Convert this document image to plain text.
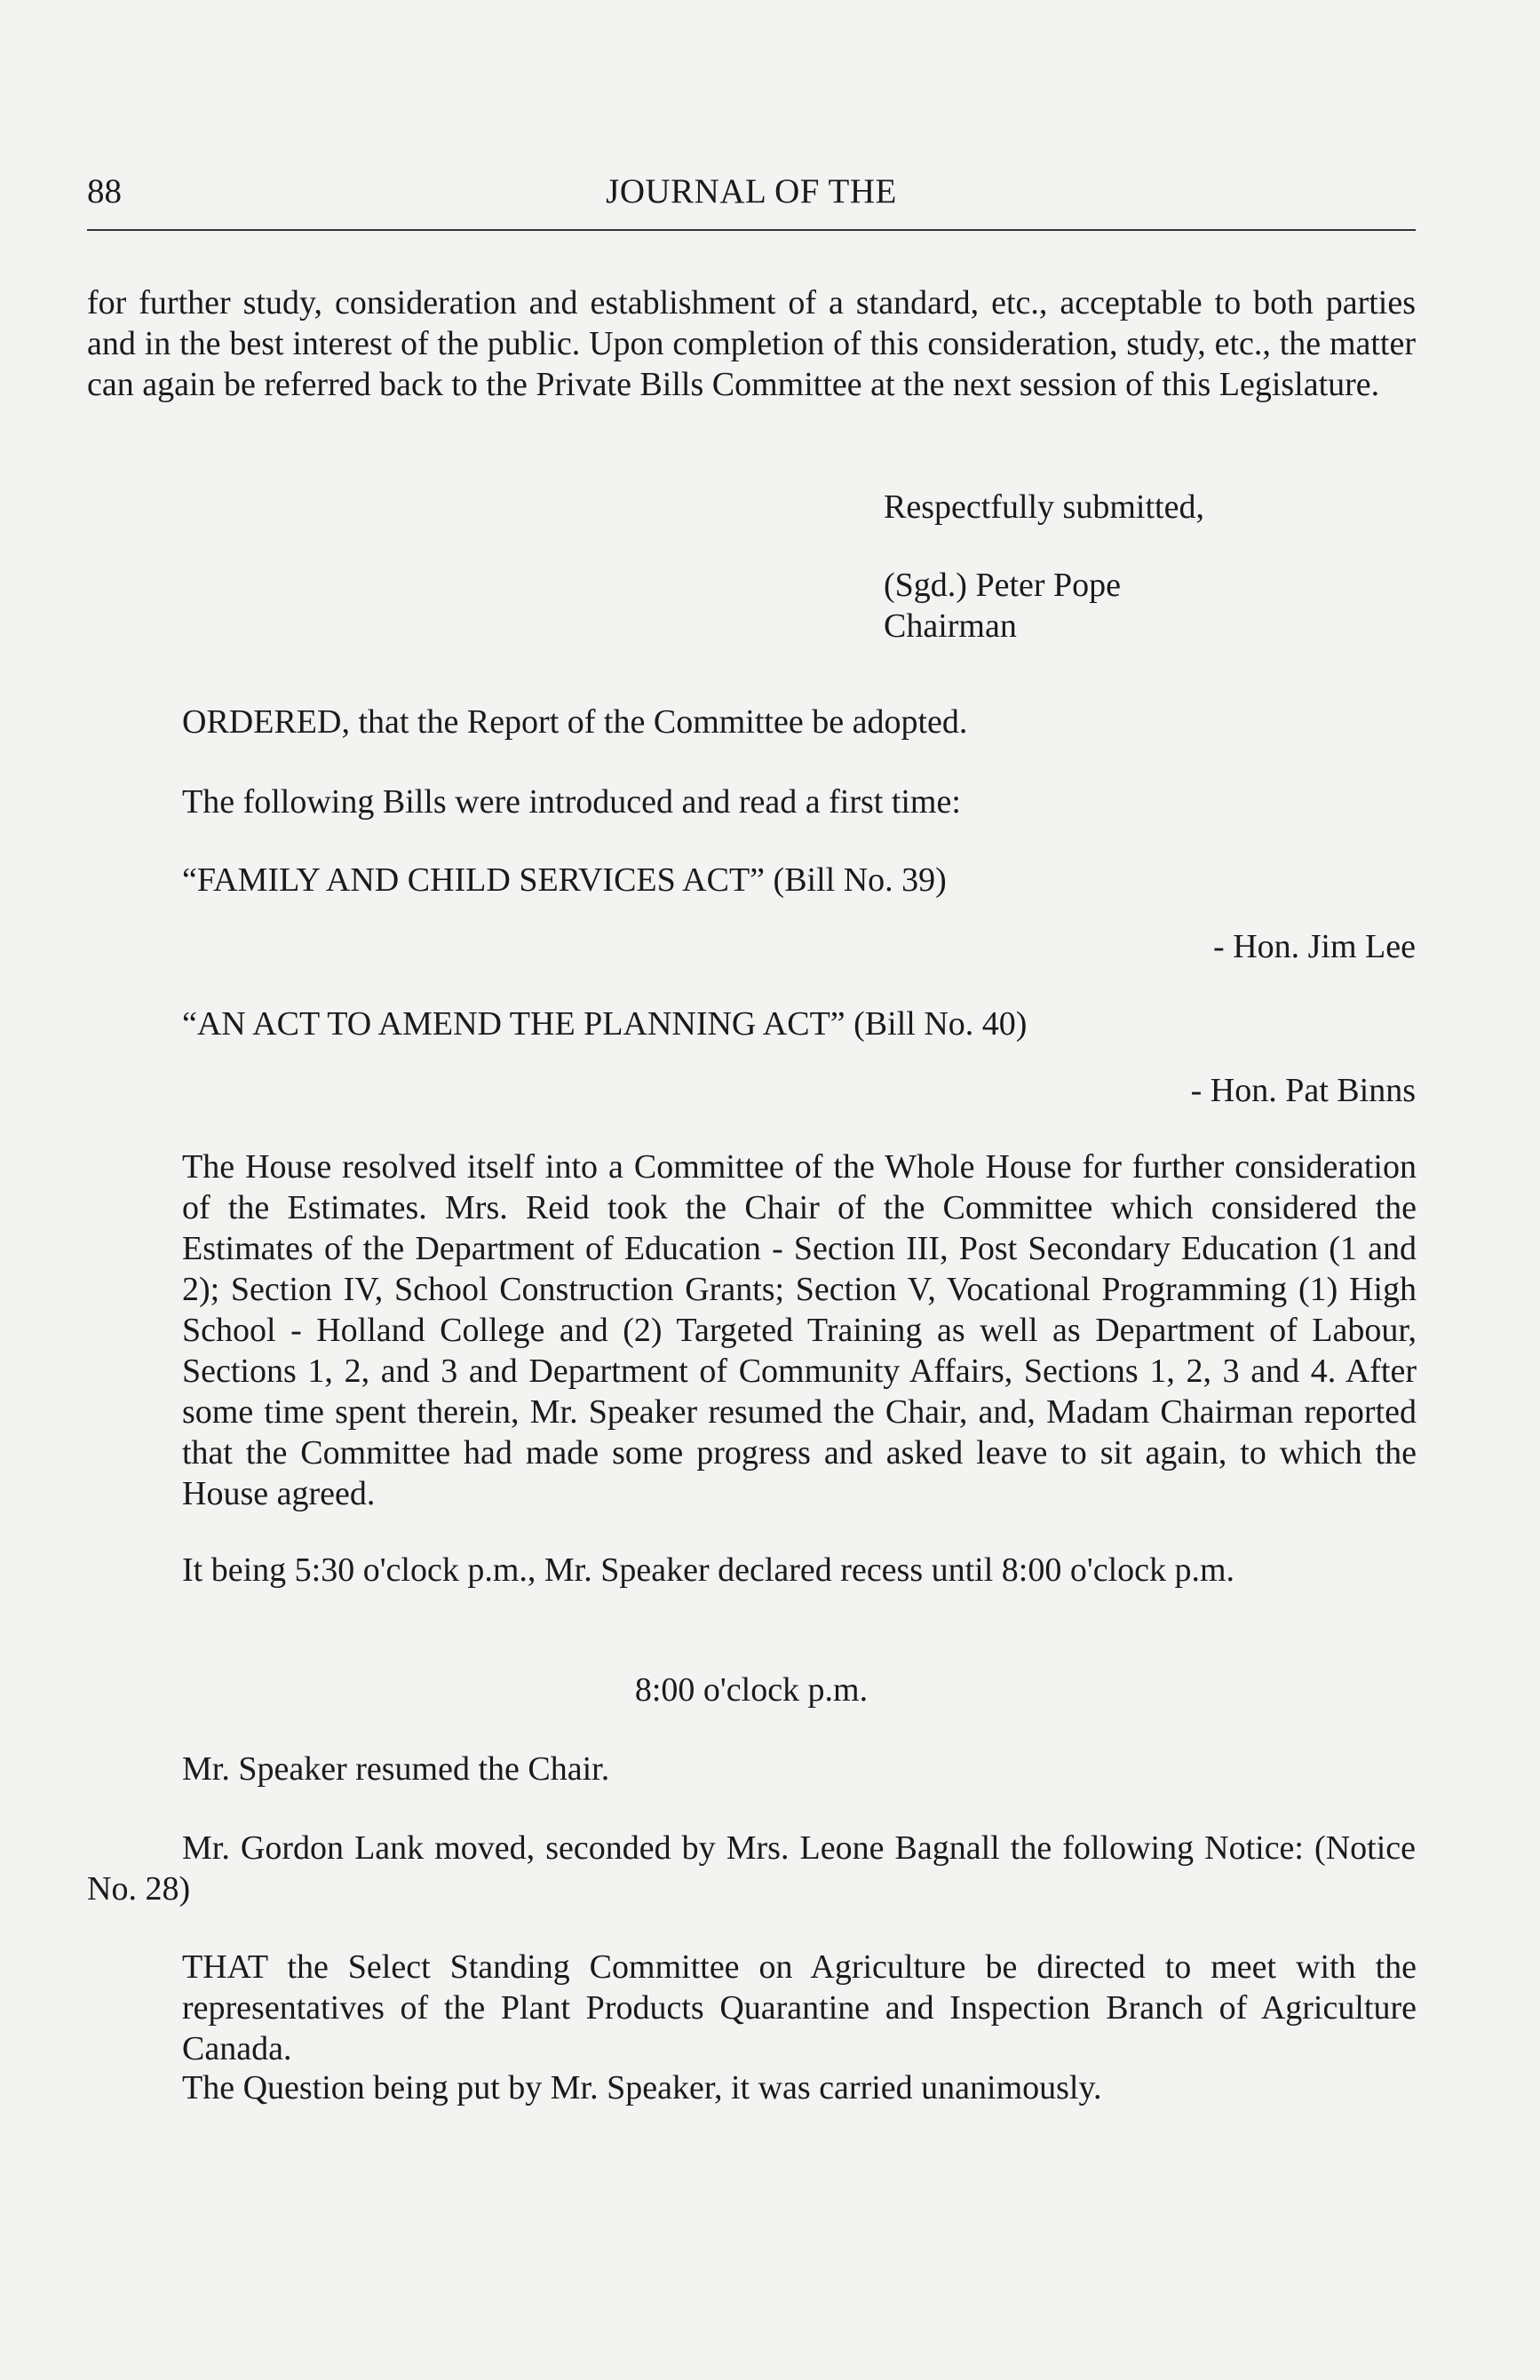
88	JOURNAL OF THE

for further study, consideration and establishment of a standard, etc., acceptable to both parties and in the best interest of the public. Upon completion of this consideration, study, etc., the matter can again be referred back to the Private Bills Committee at the next session of this Legislature.

Respectfully submitted,

(Sgd.) Peter Pope

Chairman

ORDERED, that the Report of the Committee be adopted.

The following Bills were introduced and read a first time:

“FAMILY AND CHILD SERVICES ACT” (Bill No. 39)

- Hon. Jim Lee

“AN ACT TO AMEND THE PLANNING ACT” (Bill No. 40)

- Hon. Pat Binns

The House resolved itself into a Committee of the Whole House for further consideration of the Estimates. Mrs. Reid took the Chair of the Committee which considered the Estimates of the Department of Education - Section III, Post Secondary Education (1 and 2); Section IV, School Construction Grants; Section V, Vocational Programming (1) High School - Holland College and (2) Targeted Training as well as Department of Labour, Sections 1, 2, and 3 and Department of Community Affairs, Sections 1, 2, 3 and 4. After some time spent therein, Mr. Speaker resumed the Chair, and, Madam Chairman reported that the Committee had made some progress and asked leave to sit again, to which the House agreed.

It being 5:30 o'clock p.m., Mr. Speaker declared recess until 8:00 o'clock p.m.

8:00 o'clock p.m.

Mr. Speaker resumed the Chair.

Mr. Gordon Lank moved, seconded by Mrs. Leone Bagnall the following Notice: (Notice No. 28)

THAT the Select Standing Committee on Agriculture be directed to meet with the representatives of the Plant Products Quarantine and Inspection Branch of Agriculture Canada.

The Question being put by Mr. Speaker, it was carried unanimously.
